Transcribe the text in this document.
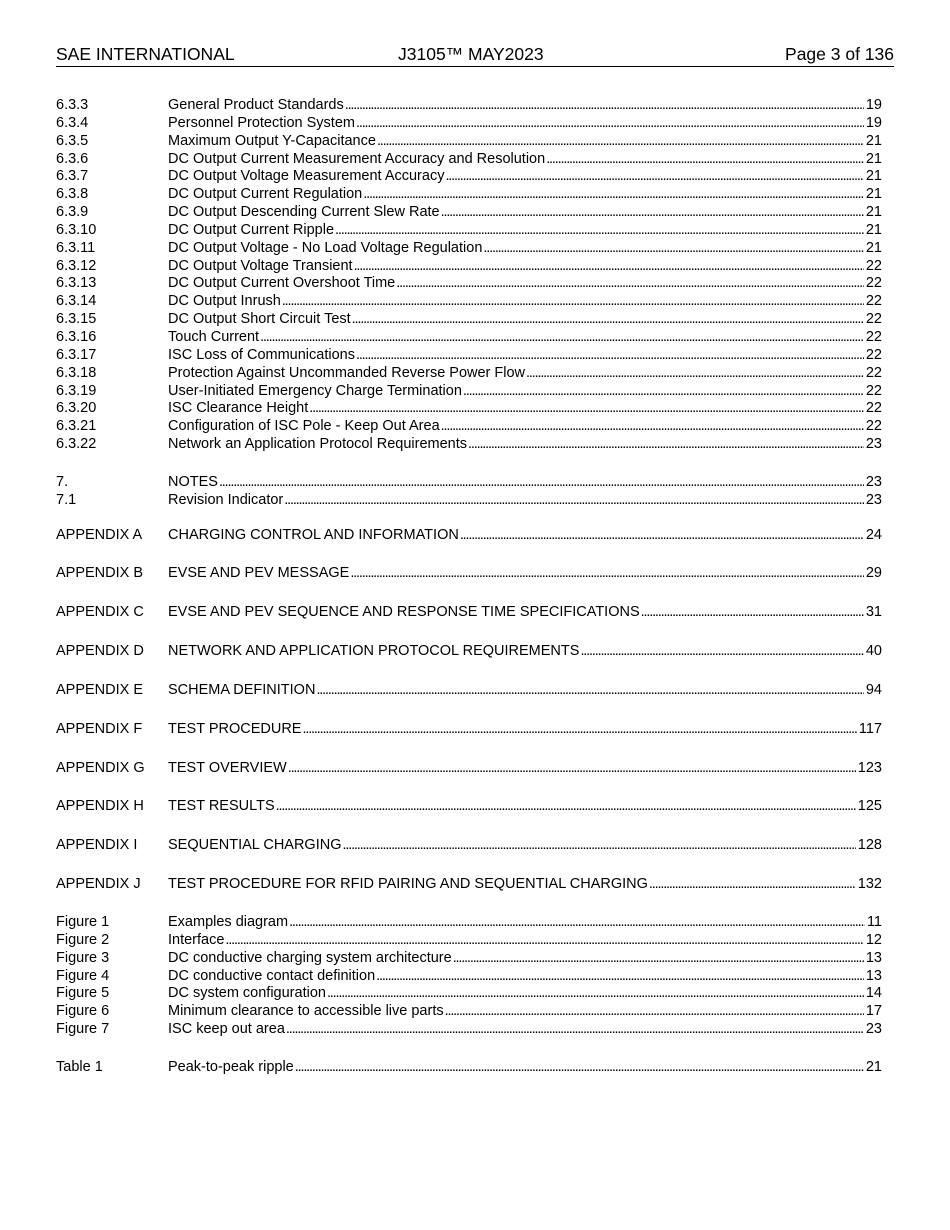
SAE INTERNATIONAL	J3105™ MAY2023	Page 3 of 136
6.3.3	General Product Standards . . .	19
6.3.4	Personnel Protection System . . .	19
6.3.5	Maximum Output Y-Capacitance . . .	21
6.3.6	DC Output Current Measurement Accuracy and Resolution . . .	21
6.3.7	DC Output Voltage Measurement Accuracy . . .	21
6.3.8	DC Output Current Regulation . . .	21
6.3.9	DC Output Descending Current Slew Rate . . .	21
6.3.10	DC Output Current Ripple . . .	21
6.3.11	DC Output Voltage - No Load Voltage Regulation . . .	21
6.3.12	DC Output Voltage Transient . . .	22
6.3.13	DC Output Current Overshoot Time . . .	22
6.3.14	DC Output Inrush . . .	22
6.3.15	DC Output Short Circuit Test . . .	22
6.3.16	Touch Current . . .	22
6.3.17	ISC Loss of Communications . . .	22
6.3.18	Protection Against Uncommanded Reverse Power Flow . . .	22
6.3.19	User-Initiated Emergency Charge Termination . . .	22
6.3.20	ISC Clearance Height . . .	22
6.3.21	Configuration of ISC Pole - Keep Out Area . . .	22
6.3.22	Network an Application Protocol Requirements . . .	23
7.	NOTES . . .	23
7.1	Revision Indicator . . .	23
APPENDIX A	CHARGING CONTROL AND INFORMATION . . .	24
APPENDIX B	EVSE AND PEV MESSAGE . . .	29
APPENDIX C	EVSE AND PEV SEQUENCE AND RESPONSE TIME SPECIFICATIONS . . .	31
APPENDIX D	NETWORK AND APPLICATION PROTOCOL REQUIREMENTS . . .	40
APPENDIX E	SCHEMA DEFINITION . . .	94
APPENDIX F	TEST PROCEDURE . . .	117
APPENDIX G	TEST OVERVIEW . . .	123
APPENDIX H	TEST RESULTS . . .	125
APPENDIX I	SEQUENTIAL CHARGING . . .	128
APPENDIX J	TEST PROCEDURE FOR RFID PAIRING AND SEQUENTIAL CHARGING . . .	132
Figure 1	Examples diagram . . .	11
Figure 2	Interface . . .	12
Figure 3	DC conductive charging system architecture . . .	13
Figure 4	DC conductive contact definition . . .	13
Figure 5	DC system configuration . . .	14
Figure 6	Minimum clearance to accessible live parts . . .	17
Figure 7	ISC keep out area . . .	23
Table 1	Peak-to-peak ripple . . .	21
